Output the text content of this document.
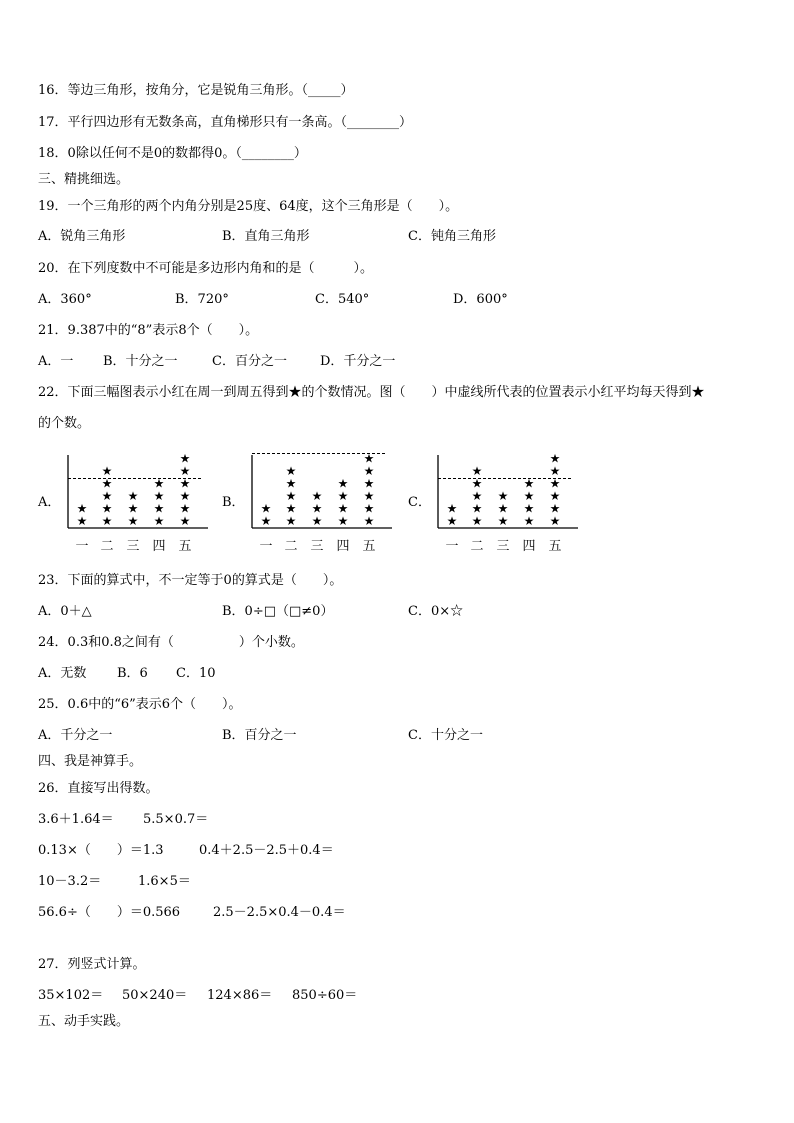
16．等边三角形，按角分，它是锐角三角形。（_____）
17．平行四边形有无数条高，直角梯形只有一条高。（________）
18．0除以任何不是0的数都得0。（________）
三、精挑细选。
19．一个三角形的两个内角分别是25度、64度，这个三角形是（　　）。
A．锐角三角形	B．直角三角形	C．钝角三角形
20．在下列度数中不可能是多边形内角和的是（　　　）。
A．360°	B．720°	C．540°	D．600°
21．9.387中的“8”表示8个（　　）。
A．一 B．十分之一	C．百分之一	D．千分之一
22．下面三幅图表示小红在周一到周五得到★的个数情况。图（　　）中虚线所代表的位置表示小红平均每天得到★
的个数。
A．
★
★
一
★
★
★
★
★
二
★
★
★
三
★
★
★
★
四
★
★
★
★
★
★
五
B．
★
★
一
★
★
★
★
★
二
★
★
★
三
★
★
★
★
四
★
★
★
★
★
★
五
C．
★
★
一
★
★
★
★
★
二
★
★
★
三
★
★
★
★
四
★
★
★
★
★
★
五
23．下面的算式中，不一定等于0的算式是（　　）。
A．0＋△	B．0÷□（□≠0）	C．0×☆
24．0.3和0.8之间有（　　　　　）个小数。
A．无数 B．6 C．10
25．0.6中的“6”表示6个（　　）。
A．千分之一	B．百分之一	C．十分之一
四、我是神算手。
26．直接写出得数。
3.6＋1.64＝ 5.5×0.7＝
0.13×（　　）＝1.3	0.4＋2.5－2.5＋0.4＝
10－3.2＝	1.6×5＝
56.6÷（　　）＝0.566	2.5－2.5×0.4－0.4＝
27．列竖式计算。
35×102＝ 50×240＝ 124×86＝ 850÷60＝
五、动手实践。
